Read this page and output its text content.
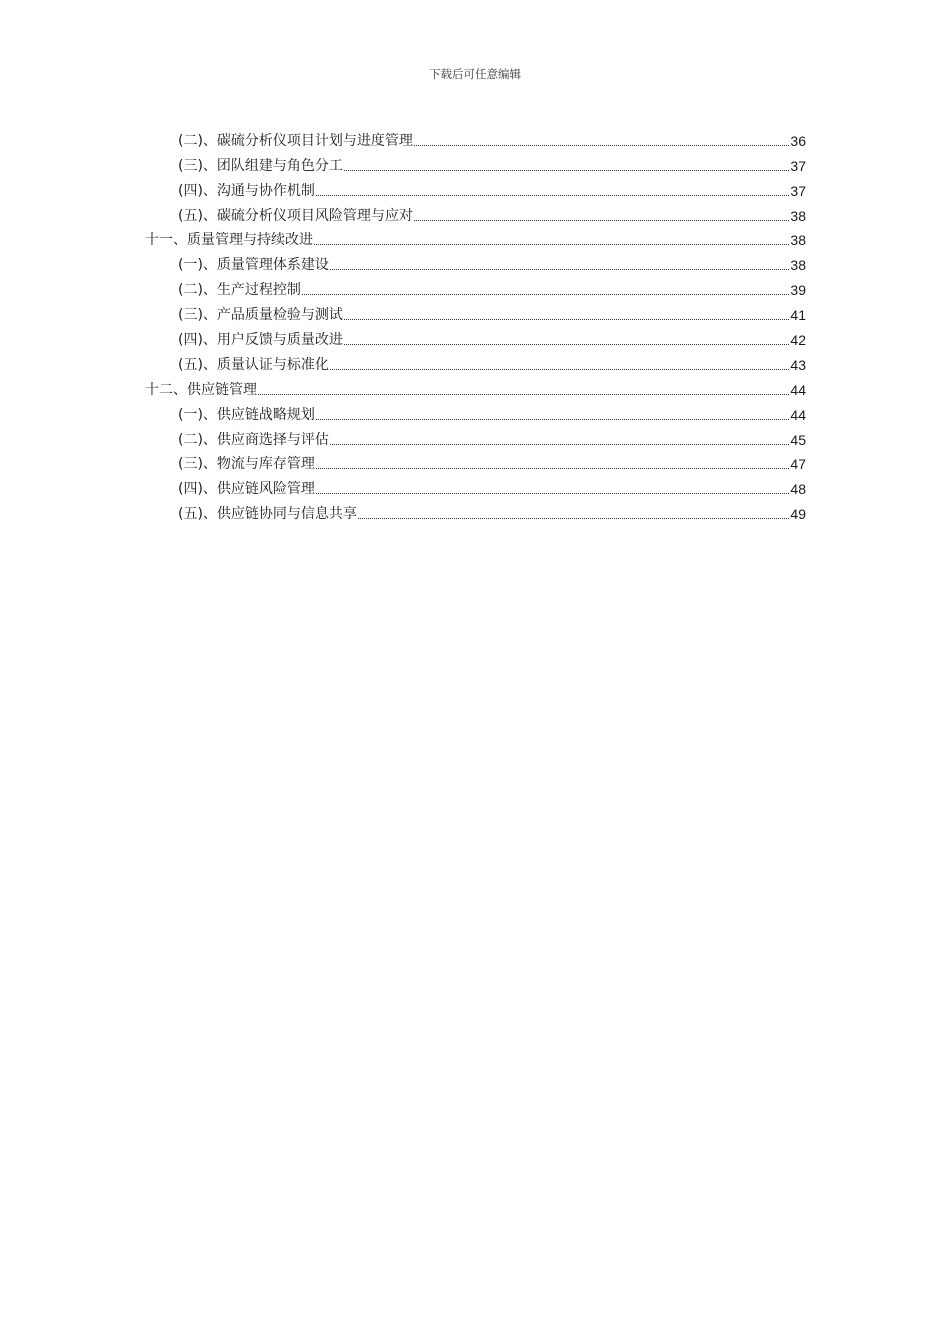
下载后可任意编辑
(二)、碳硫分析仪项目计划与进度管理	36
(三)、团队组建与角色分工	37
(四)、沟通与协作机制	37
(五)、碳硫分析仪项目风险管理与应对	38
十一、质量管理与持续改进	38
(一)、质量管理体系建设	38
(二)、生产过程控制	39
(三)、产品质量检验与测试	41
(四)、用户反馈与质量改进	42
(五)、质量认证与标准化	43
十二、供应链管理	44
(一)、供应链战略规划	44
(二)、供应商选择与评估	45
(三)、物流与库存管理	47
(四)、供应链风险管理	48
(五)、供应链协同与信息共享	49
